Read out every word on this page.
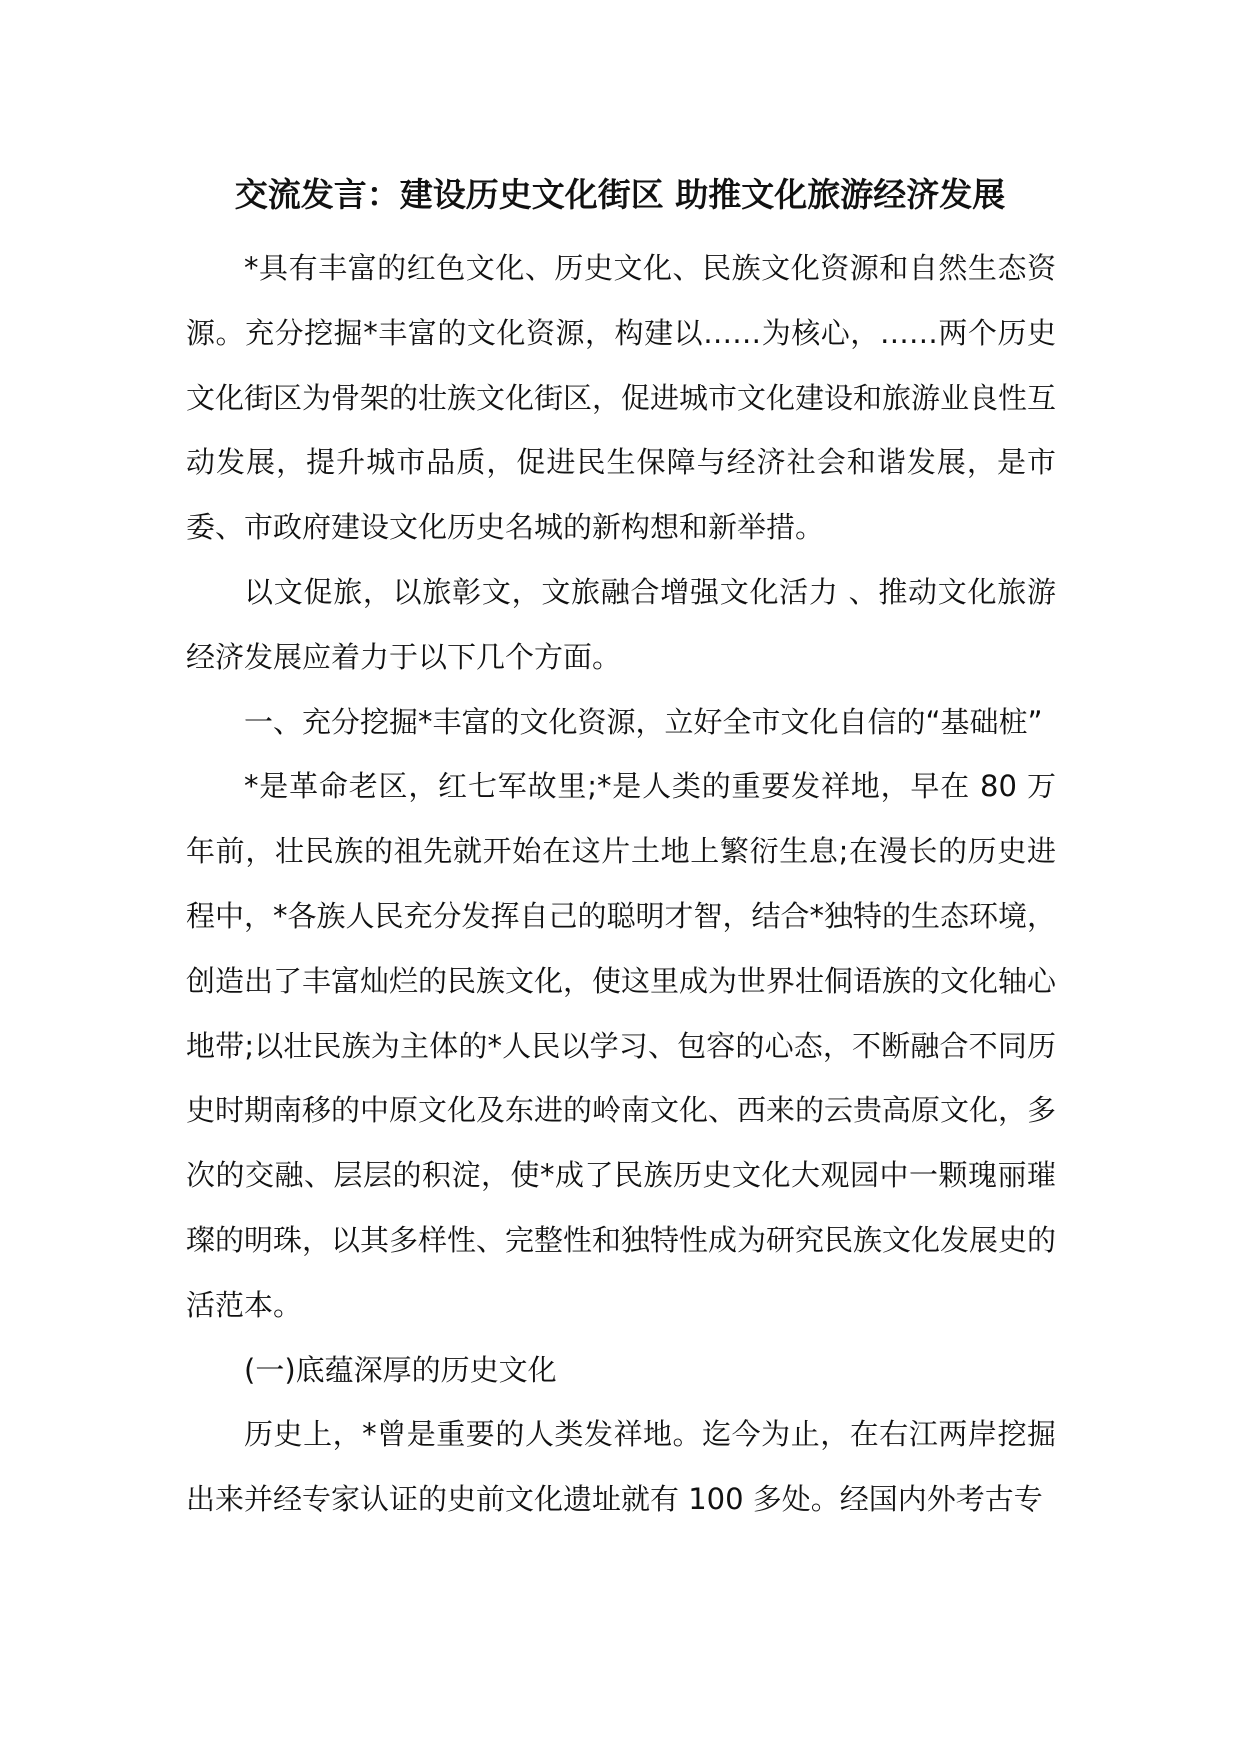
交流发言：建设历史文化街区 助推文化旅游经济发展

*具有丰富的红色文化、历史文化、民族文化资源和自然生态资源。充分挖掘*丰富的文化资源，构建以……为核心，……两个历史文化街区为骨架的壮族文化街区，促进城市文化建设和旅游业良性互动发展，提升城市品质，促进民生保障与经济社会和谐发展，是市委、市政府建设文化历史名城的新构想和新举措。

以文促旅，以旅彰文，文旅融合增强文化活力 、推动文化旅游经济发展应着力于以下几个方面。

一、充分挖掘*丰富的文化资源，立好全市文化自信的“基础桩”

*是革命老区，红七军故里;*是人类的重要发祥地，早在 80 万年前，壮民族的祖先就开始在这片土地上繁衍生息;在漫长的历史进程中，*各族人民充分发挥自己的聪明才智，结合*独特的生态环境，创造出了丰富灿烂的民族文化，使这里成为世界壮侗语族的文化轴心地带;以壮民族为主体的*人民以学习、包容的心态，不断融合不同历史时期南移的中原文化及东进的岭南文化、西来的云贵高原文化，多次的交融、层层的积淀，使*成了民族历史文化大观园中一颗瑰丽璀璨的明珠，以其多样性、完整性和独特性成为研究民族文化发展史的活范本。

(一)底蕴深厚的历史文化

历史上，*曾是重要的人类发祥地。迄今为止，在右江两岸挖掘出来并经专家认证的史前文化遗址就有 100 多处。经国内外考古专
